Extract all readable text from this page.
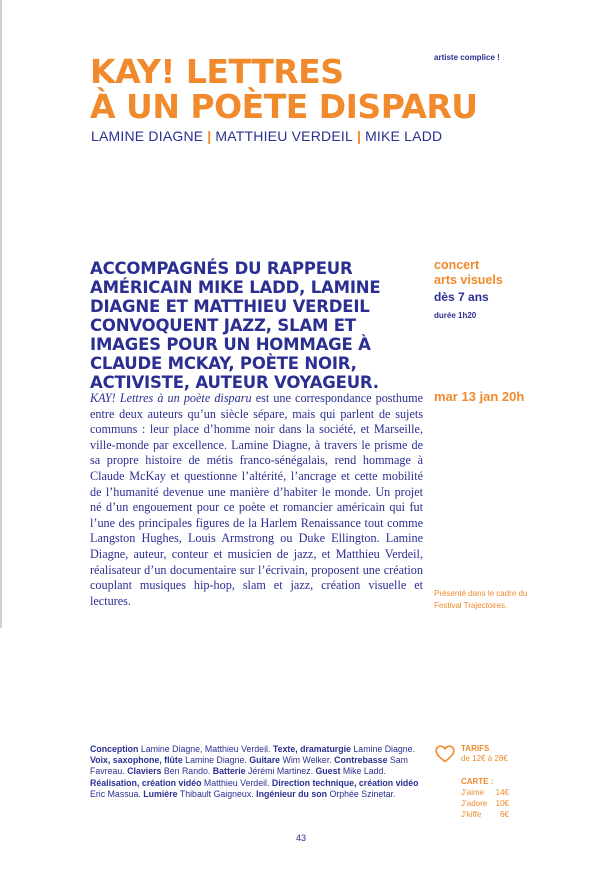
artiste complice !
KAY! LETTRES
À UN POÈTE DISPARU
LAMINE DIAGNE | MATTHIEU VERDEIL | MIKE LADD

ACCOMPAGNÉS DU RAPPEUR AMÉRICAIN MIKE LADD, LAMINE DIAGNE ET MATTHIEU VERDEIL CONVOQUENT JAZZ, SLAM ET IMAGES POUR UN HOMMAGE À CLAUDE MCKAY, POÈTE NOIR, ACTIVISTE, AUTEUR VOYAGEUR.

KAY! Lettres à un poète disparu est une correspondance posthume entre deux auteurs qu’un siècle sépare, mais qui parlent de sujets communs : leur place d’homme noir dans la société, et Marseille, ville-monde par excellence. Lamine Diagne, à travers le prisme de sa propre histoire de métis franco-sénégalais, rend hommage à Claude McKay et questionne l’altérité, l’ancrage et cette mobilité de l’humanité devenue une manière d’habiter le monde. Un projet né d’un engouement pour ce poète et romancier américain qui fut l’une des principales figures de la Harlem Renaissance tout comme Langston Hughes, Louis Armstrong ou Duke Ellington. Lamine Diagne, auteur, conteur et musicien de jazz, et Matthieu Verdeil, réalisateur d’un documentaire sur l’écrivain, proposent une création couplant musiques hip-hop, slam et jazz, création visuelle et lectures.

concert
arts visuels
dès 7 ans
durée 1h20
mar 13 jan 20h
Présenté dans le cadre du Festival Trajectoires.

Conception Lamine Diagne, Matthieu Verdeil. Texte, dramaturgie Lamine Diagne. Voix, saxophone, flûte Lamine Diagne. Guitare Wim Welker. Contrebasse Sam Favreau. Claviers Ben Rando. Batterie Jérémi Martinez. Guest Mike Ladd. Réalisation, création vidéo Matthieu Verdeil. Direction technique, création vidéo Eric Massua. Lumière Thibault Gaigneux. Ingénieur du son Orphée Szinetar.

TARIFS
de 12€ à 28€
CARTE :
J’aime 14€
J’adore 10€
J’kiffe 6€
43
